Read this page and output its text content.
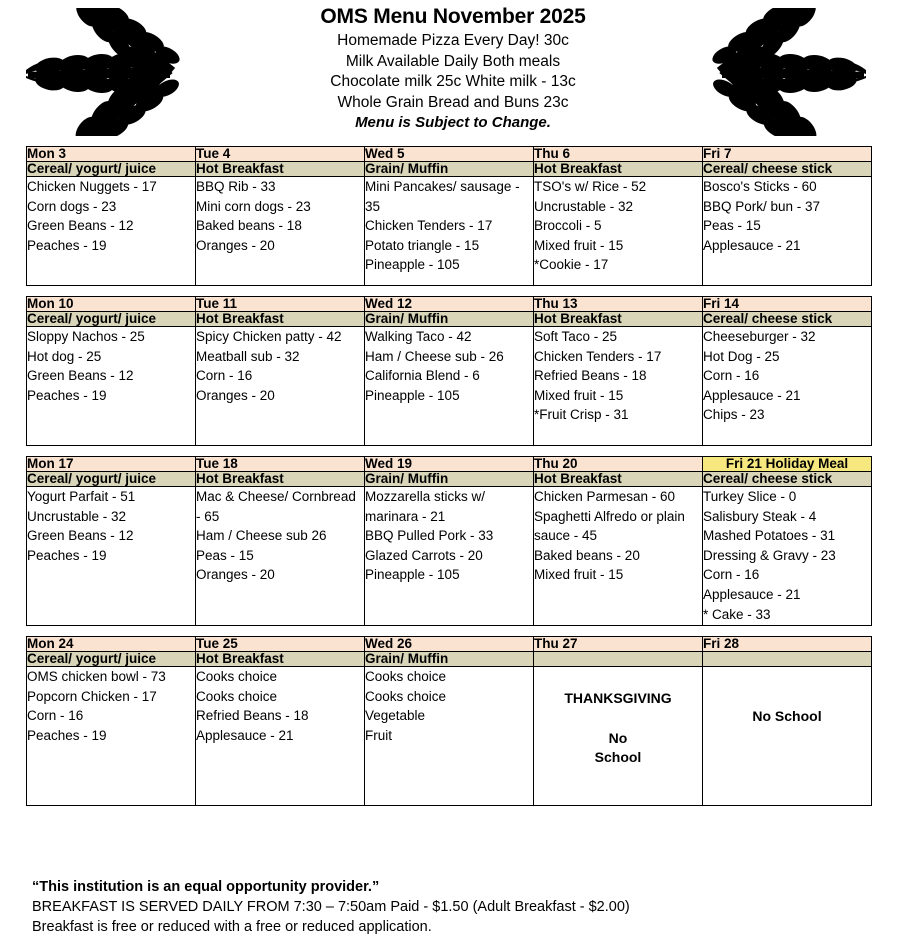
OMS Menu November 2025
Homemade Pizza Every Day! 30c
Milk Available Daily Both meals
Chocolate milk 25c White milk - 13c
Whole Grain Bread and Buns 23c
Menu is Subject to Change.
Mon 3	Tue 4	Wed 5	Thu 6	Fri 7
Cereal/ yogurt/ juice	Hot Breakfast	Grain/ Muffin	Hot Breakfast	Cereal/ cheese stick

Chicken Nuggets - 17
Corn dogs - 23
Green Beans - 12
Peaches - 19

BBQ Rib - 33
Mini corn dogs - 23
Baked beans - 18
Oranges - 20

Mini Pancakes/ sausage - 35
Chicken Tenders - 17
Potato triangle - 15
Pineapple - 105

TSO's w/ Rice - 52
Uncrustable - 32
Broccoli - 5
Mixed fruit - 15
*Cookie - 17

Bosco's Sticks - 60
BBQ Pork/ bun - 37
Peas - 15
Applesauce - 21

Mon 10	Tue 11	Wed 12	Thu 13	Fri 14
Cereal/ yogurt/ juice	Hot Breakfast	Grain/ Muffin	Hot Breakfast	Cereal/ cheese stick

Sloppy Nachos - 25
Hot dog - 25
Green Beans - 12
Peaches - 19

Spicy Chicken patty - 42
Meatball sub - 32
Corn - 16
Oranges - 20

Walking Taco - 42
Ham / Cheese sub - 26
California Blend - 6
Pineapple - 105

Soft Taco - 25
Chicken Tenders - 17
Refried Beans - 18
Mixed fruit - 15
*Fruit Crisp - 31

Cheeseburger - 32
Hot Dog - 25
Corn - 16
Applesauce - 21
Chips - 23

Mon 17	Tue 18	Wed 19	Thu 20	Fri 21 Holiday Meal
Cereal/ yogurt/ juice	Hot Breakfast	Grain/ Muffin	Hot Breakfast	Cereal/ cheese stick

Yogurt Parfait - 51
Uncrustable - 32
Green Beans - 12
Peaches - 19

Mac & Cheese/ Cornbread - 65
Ham / Cheese sub 26
Peas - 15
Oranges - 20

Mozzarella sticks w/ marinara - 21
BBQ Pulled Pork - 33
Glazed Carrots - 20
Pineapple - 105

Chicken Parmesan - 60
Spaghetti Alfredo or plain sauce - 45
Baked beans - 20
Mixed fruit - 15

Turkey Slice - 0
Salisbury Steak - 4
Mashed Potatoes - 31
Dressing & Gravy - 23
Corn - 16
Applesauce - 21
* Cake - 33

Mon 24	Tue 25	Wed 26	Thu 27	Fri 28
Cereal/ yogurt/ juice	Hot Breakfast	Grain/ Muffin		

OMS chicken bowl - 73
Popcorn Chicken - 17
Corn - 16
Peaches - 19

Cooks choice
Cooks choice
Refried Beans - 18
Applesauce - 21

Cooks choice
Cooks choice
Vegetable
Fruit

THANKSGIVING

No
School

No School
“This institution is an equal opportunity provider.”
BREAKFAST IS SERVED DAILY FROM 7:30 – 7:50am Paid - $1.50 (Adult Breakfast - $2.00)
Breakfast is free or reduced with a free or reduced application.
